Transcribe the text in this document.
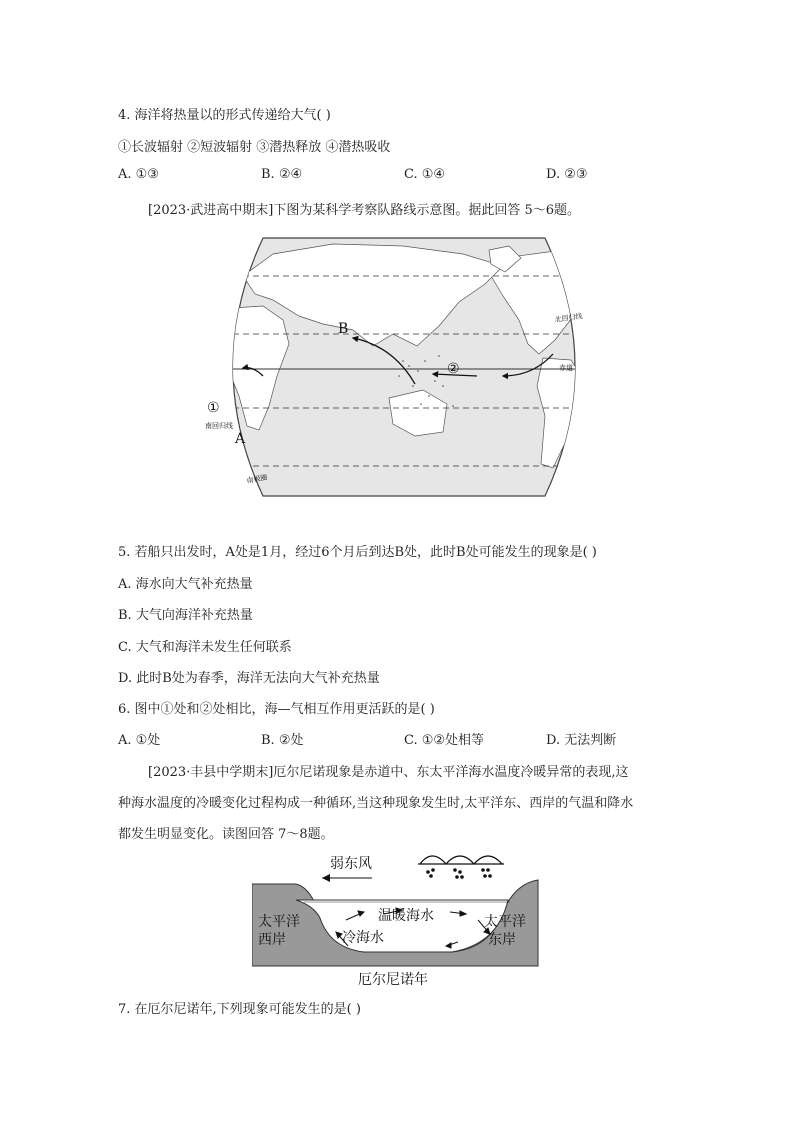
4. 海洋将热量以的形式传递给大气( )
①长波辐射 ②短波辐射 ③潜热释放 ④潜热吸收
A. ①③	B. ②④	C. ①④	D. ②③
[2023·武进高中期末]下图为某科学考察队路线示意图。据此回答 5～6题。
B
A
①
②
北回归线
赤道
南回归线
南极圈
5. 若船只出发时，A处是1月，经过6个月后到达B处，此时B处可能发生的现象是( )
A. 海水向大气补充热量
B. 大气向海洋补充热量
C. 大气和海洋未发生任何联系
D. 此时B处为春季，海洋无法向大气补充热量
6. 图中①处和②处相比，海—气相互作用更活跃的是( )
A. ①处	B. ②处	C. ①②处相等	D. 无法判断
[2023·丰县中学期末]厄尔尼诺现象是赤道中、东太平洋海水温度冷暖异常的表现,这
种海水温度的冷暖变化过程构成一种循环,当这种现象发生时,太平洋东、西岸的气温和降水
都发生明显变化。读图回答 7～8题。
弱东风
温暖海水
冷海水
太平洋
西岸
太平洋
东岸
厄尔尼诺年
7. 在厄尔尼诺年,下列现象可能发生的是( )
